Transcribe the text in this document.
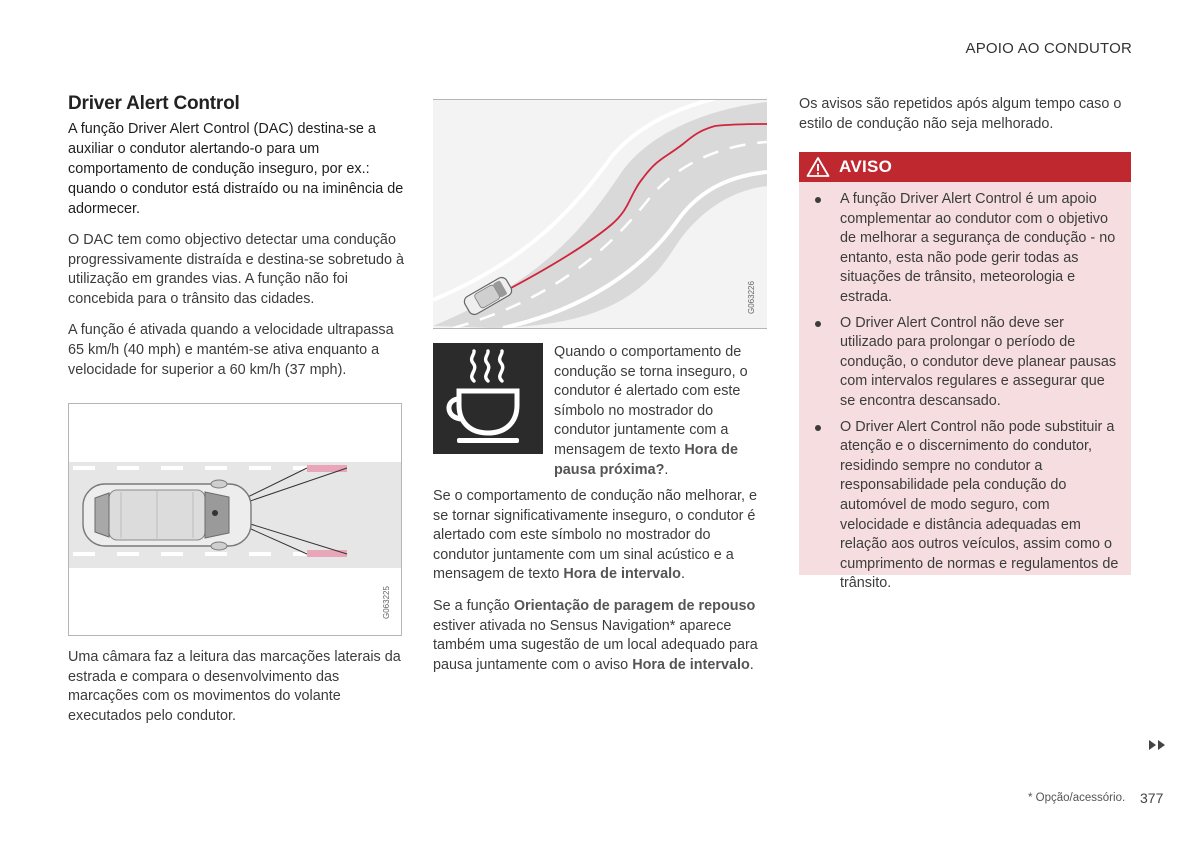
APOIO AO CONDUTOR
Driver Alert Control

A função Driver Alert Control (DAC) destina-se a auxiliar o condutor alertando-o para um comportamento de condução inseguro, por ex.: quando o condutor está distraído ou na iminência de adormecer.

O DAC tem como objectivo detectar uma condução progressivamente distraída e destina-se sobretudo à utilização em grandes vias. A função não foi concebida para o trânsito das cidades.

A função é ativada quando a velocidade ultrapassa 65 km/h (40 mph) e mantém-se ativa enquanto a velocidade for superior a 60 km/h (37 mph).

G063225

Uma câmara faz a leitura das marcações laterais da estrada e compara o desenvolvimento das marcações com os movimentos do volante executados pelo condutor.

G063226

Quando o comportamento de condução se torna inseguro, o condutor é alertado com este símbolo no mostrador do condutor juntamente com a mensagem de texto Hora de pausa próxima?.

Se o comportamento de condução não melhorar, e se tornar significativamente inseguro, o condutor é alertado com este símbolo no mostrador do condutor juntamente com um sinal acústico e a mensagem de texto Hora de intervalo.

Se a função Orientação de paragem de repouso estiver ativada no Sensus Navigation* aparece também uma sugestão de um local adequado para pausa juntamente com o aviso Hora de intervalo.

Os avisos são repetidos após algum tempo caso o estilo de condução não seja melhorado.

AVISO
A função Driver Alert Control é um apoio complementar ao condutor com o objetivo de melhorar a segurança de condução - no entanto, esta não pode gerir todas as situações de trânsito, meteorologia e estrada.
O Driver Alert Control não deve ser utilizado para prolongar o período de condução, o condutor deve planear pausas com intervalos regulares e assegurar que se encontra descansado.
O Driver Alert Control não pode substituir a atenção e o discernimento do condutor, residindo sempre no condutor a responsabilidade pela condução do automóvel de modo seguro, com velocidade e distância adequadas em relação aos outros veículos, assim como o cumprimento de normas e regulamentos de trânsito.
* Opção/acessório. 377
